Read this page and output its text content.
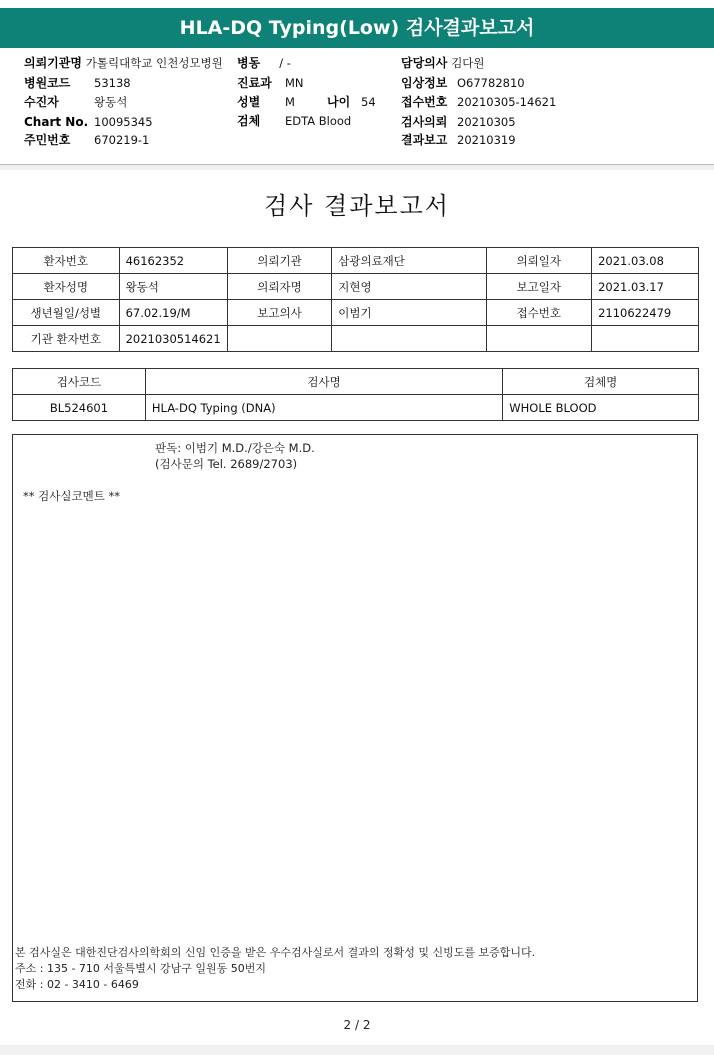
HLA-DQ Typing(Low) 검사결과보고서
의뢰기관명 가톨릭대학교 인천성모병원 병동 / -	담당의사 김다원
병원코드 53138	진료과 MN	임상정보 O67782810
수진자	왕동석	성별 M	나이 54 접수번호 20210305-14621
Chart No. 10095345	검체 EDTA Blood	검사의뢰 20210305
주민번호 670219-1	결과보고 20210319
검사 결과보고서
환자번호	46162352	의뢰기관	삼광의료재단	의뢰일자	2021.03.08
환자성명	왕동석	의뢰자명	지현영	보고일자	2021.03.17
생년월일/성별	67.02.19/M	보고의사	이범기	접수번호	2110622479
기관 환자번호	2021030514621				
검사코드	검사명	검체명
BL524601	HLA-DQ Typing (DNA)	WHOLE BLOOD
판독: 이범기 M.D./강은숙 M.D.
(검사문의 Tel. 2689/2703)
** 검사실코멘트 **
본 검사실은 대한진단검사의학회의 신임 인증을 받은 우수검사실로서 결과의 정확성 및 신빙도를 보증합니다.
주소 : 135 - 710 서울특별시 강남구 일원동 50번지
전화 : 02 - 3410 - 6469
2 / 2
